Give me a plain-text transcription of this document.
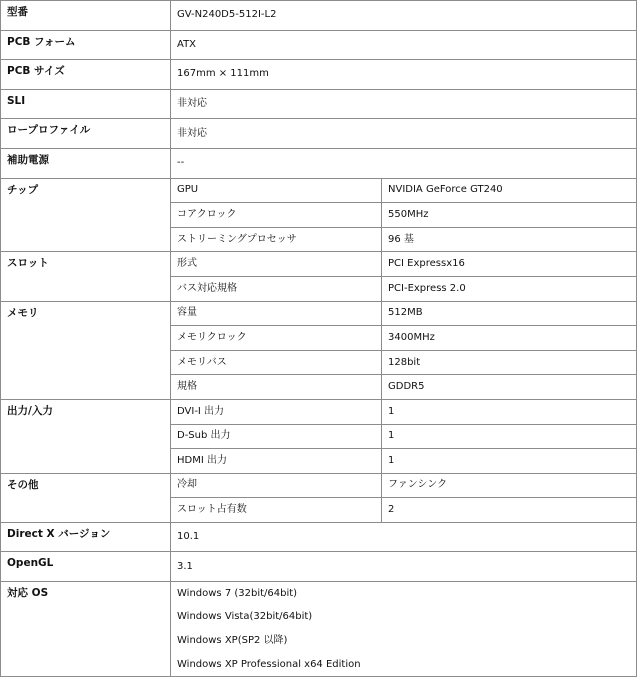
型番	GV-N240D5-512I-L2	
PCB フォーム	ATX	
PCB サイズ	167mm × 111mm	
SLI	非対応	
ロープロファイル	非対応	
補助電源	--	
チップ	GPU	NVIDIA GeForce GT240
	コアクロック	550MHz
	ストリーミングプロセッサ	96 基
スロット	形式	PCI Expressx16
	バス対応規格	PCI-Express 2.0
メモリ	容量	512MB
	メモリクロック	3400MHz
	メモリバス	128bit
	規格	GDDR5
出力/入力	DVI-I 出力	1
	D-Sub 出力	1
	HDMI 出力	1
その他	冷却	ファンシンク
	スロット占有数	2
Direct X バージョン	10.1	
OpenGL	3.1	
対応 OS	Windows 7 (32bit/64bit)	
	Windows Vista(32bit/64bit)	
	Windows XP(SP2 以降)	
	Windows XP Professional x64 Edition	
